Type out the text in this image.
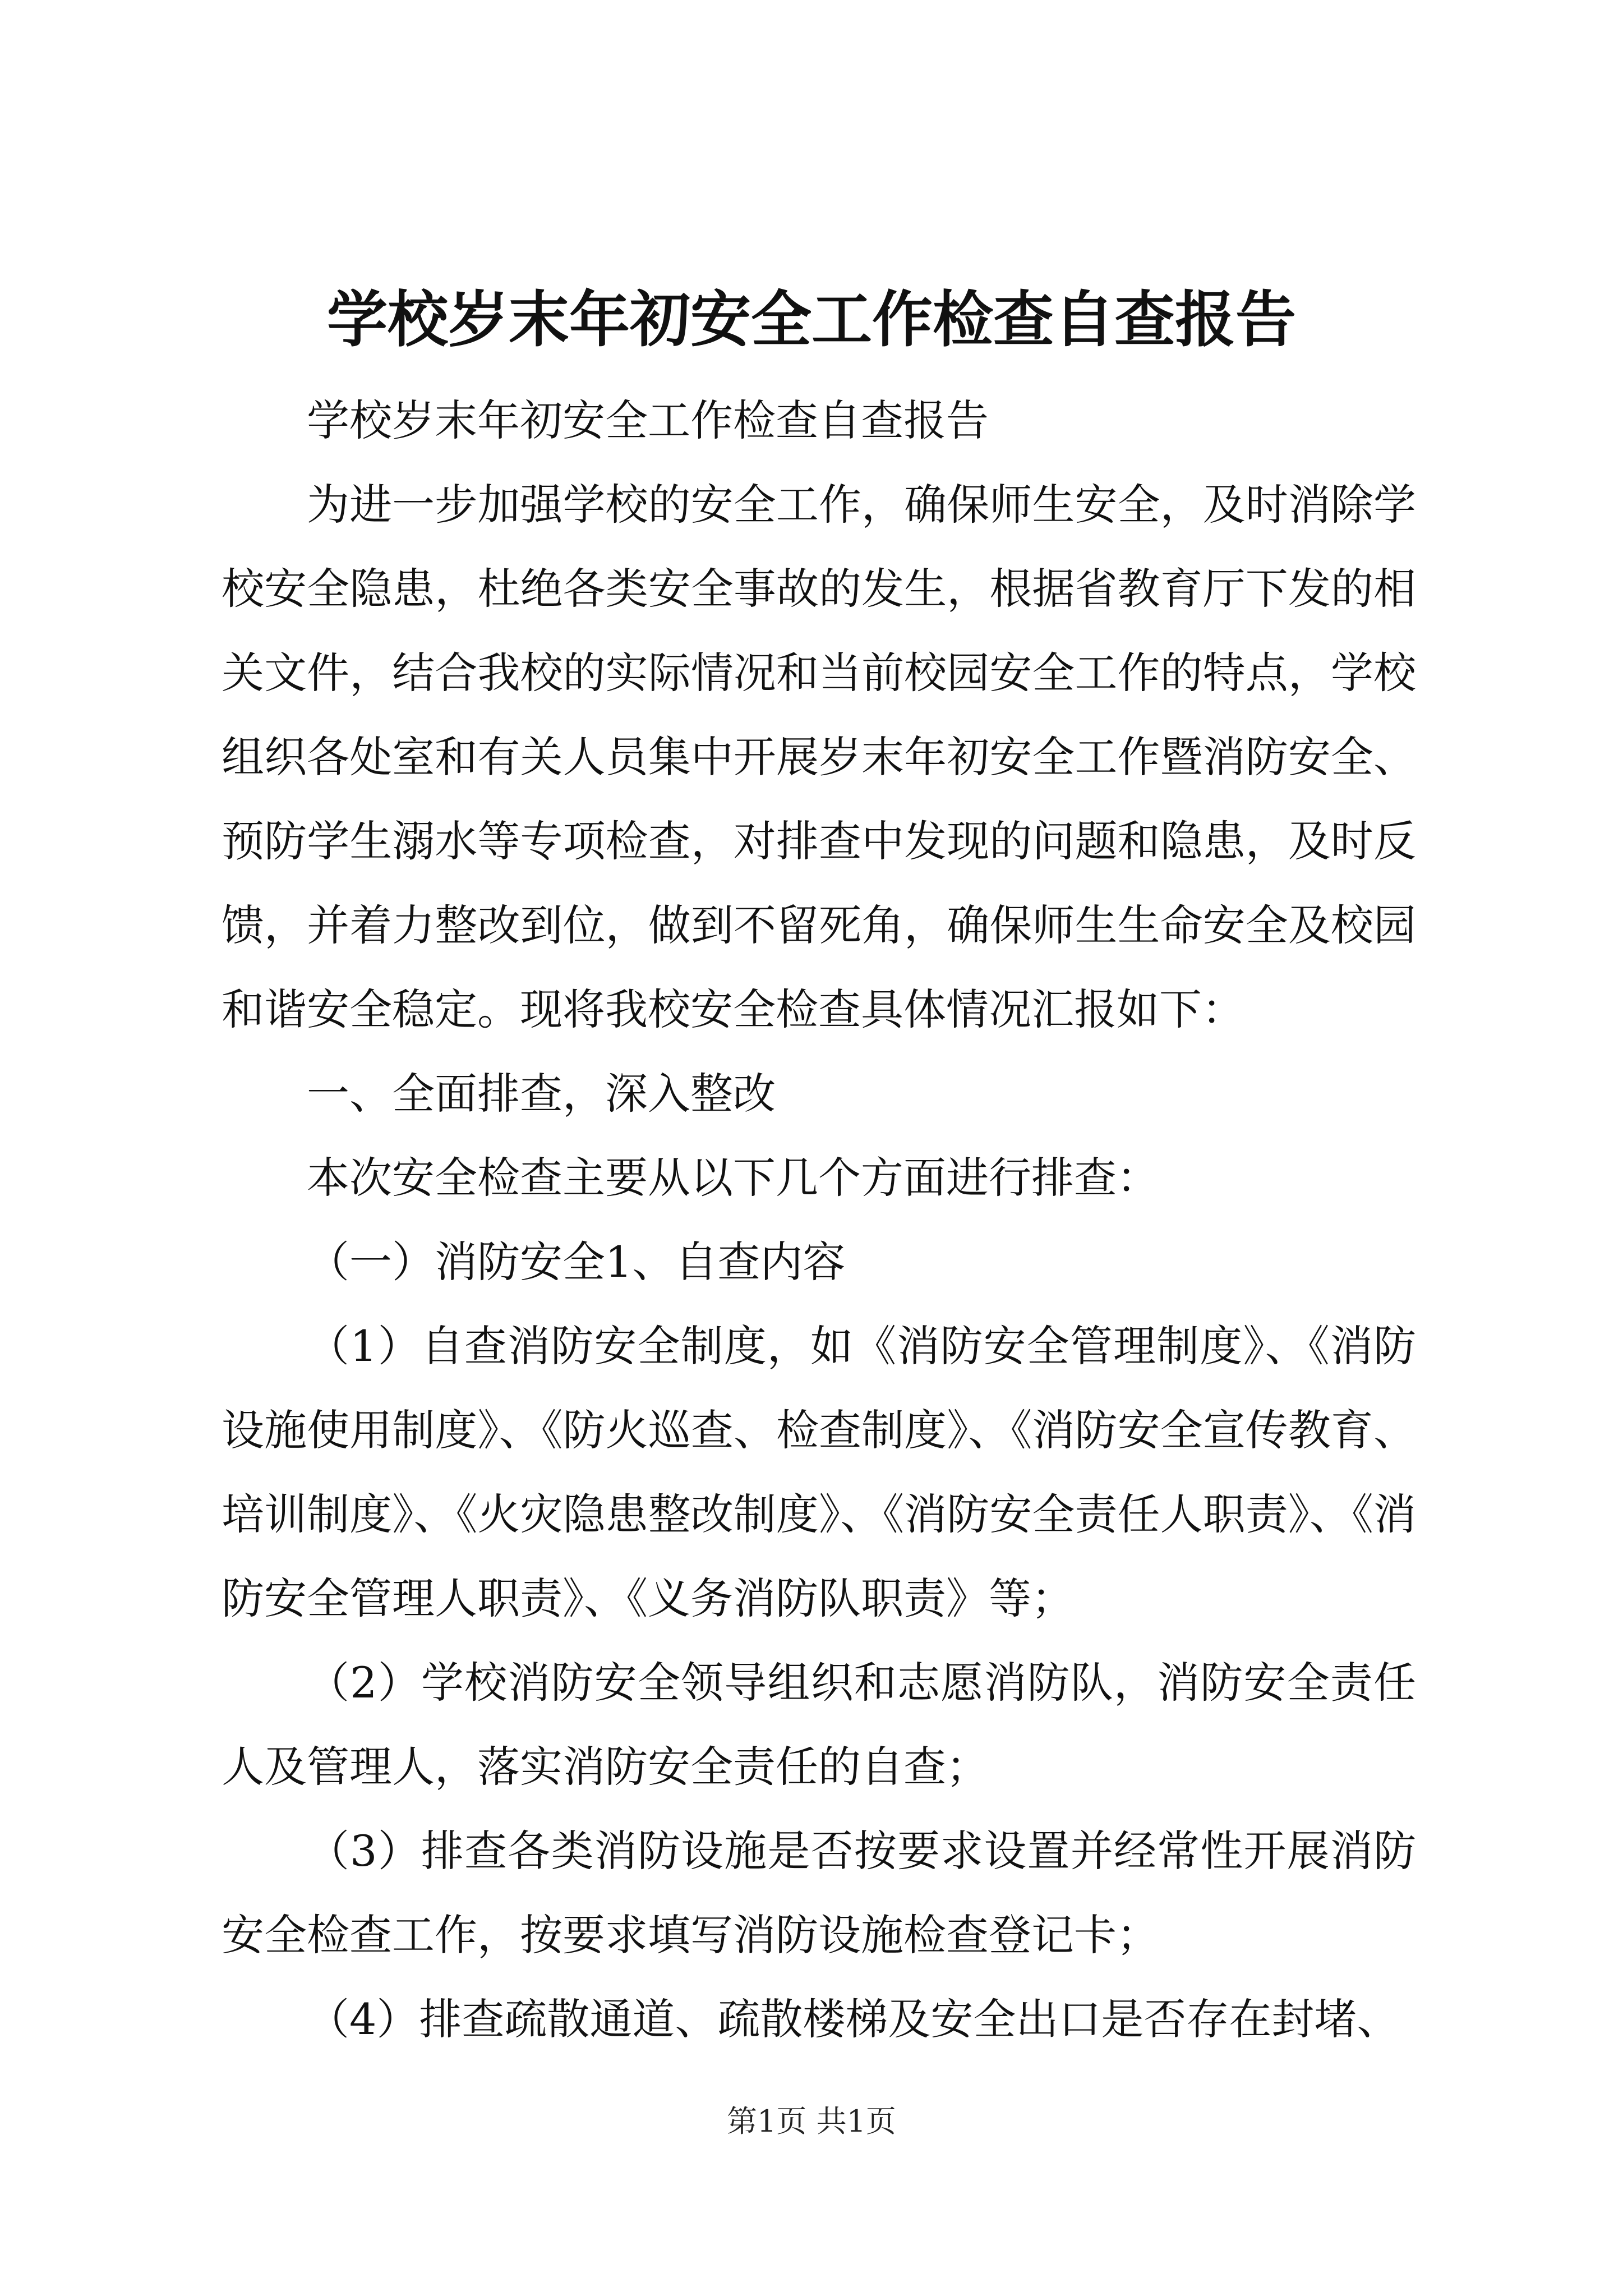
学校岁末年初安全工作检查自查报告

学校岁末年初安全工作检查自查报告

为进一步加强学校的安全工作，确保师生安全，及时消除学校安全隐患，杜绝各类安全事故的发生，根据省教育厅下发的相关文件，结合我校的实际情况和当前校园安全工作的特点，学校组织各处室和有关人员集中开展岁末年初安全工作暨消防安全、预防学生溺水等专项检查，对排查中发现的问题和隐患，及时反馈，并着力整改到位，做到不留死角，确保师生生命安全及校园和谐安全稳定。现将我校安全检查具体情况汇报如下：

一、全面排查，深入整改

本次安全检查主要从以下几个方面进行排查：

（一）消防安全1、自查内容

（1）自查消防安全制度，如《消防安全管理制度》、《消防设施使用制度》、《防火巡查、检查制度》、《消防安全宣传教育、培训制度》、《火灾隐患整改制度》、《消防安全责任人职责》、《消防安全管理人职责》、《义务消防队职责》等；

（2）学校消防安全领导组织和志愿消防队，消防安全责任人及管理人，落实消防安全责任的自查；

（3）排查各类消防设施是否按要求设置并经常性开展消防安全检查工作，按要求填写消防设施检查登记卡；

（4）排查疏散通道、疏散楼梯及安全出口是否存在封堵、

第1页 共1页
